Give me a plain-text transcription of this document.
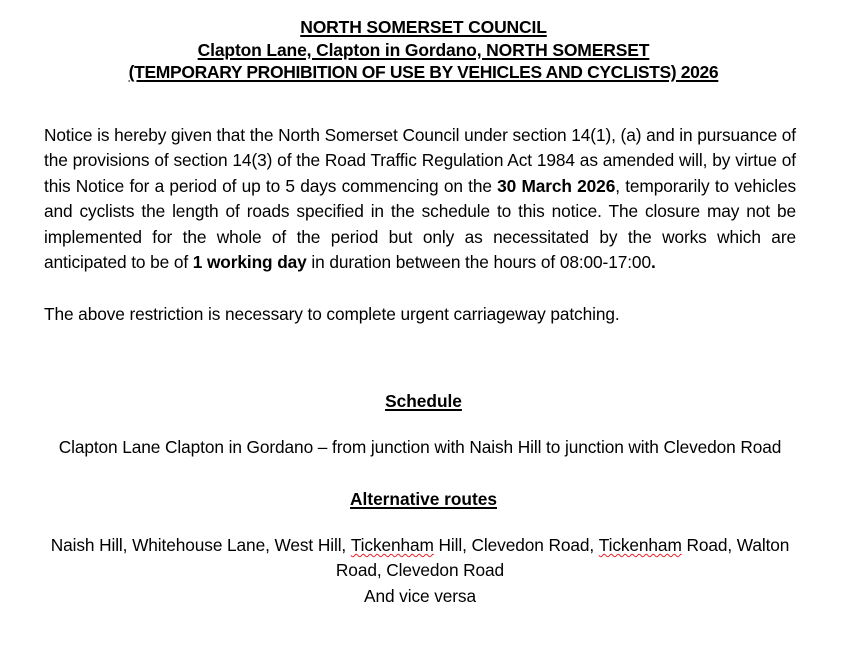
NORTH SOMERSET COUNCIL
Clapton Lane, Clapton in Gordano, NORTH SOMERSET
(TEMPORARY PROHIBITION OF USE BY VEHICLES AND CYCLISTS) 2026

Notice is hereby given that the North Somerset Council under section 14(1), (a) and in pursuance of the provisions of section 14(3) of the Road Traffic Regulation Act 1984 as amended will, by virtue of this Notice for a period of up to 5 days commencing on the 30 March 2026, temporarily to vehicles and cyclists the length of roads specified in the schedule to this notice. The closure may not be implemented for the whole of the period but only as necessitated by the works which are anticipated to be of 1 working day in duration between the hours of 08:00-17:00.

The above restriction is necessary to complete urgent carriageway patching.

Schedule
Clapton Lane Clapton in Gordano – from junction with Naish Hill to junction with Clevedon Road
Alternative routes
Naish Hill, Whitehouse Lane, West Hill, Tickenham Hill, Clevedon Road, Tickenham Road, Walton Road, Clevedon Road
And vice versa
